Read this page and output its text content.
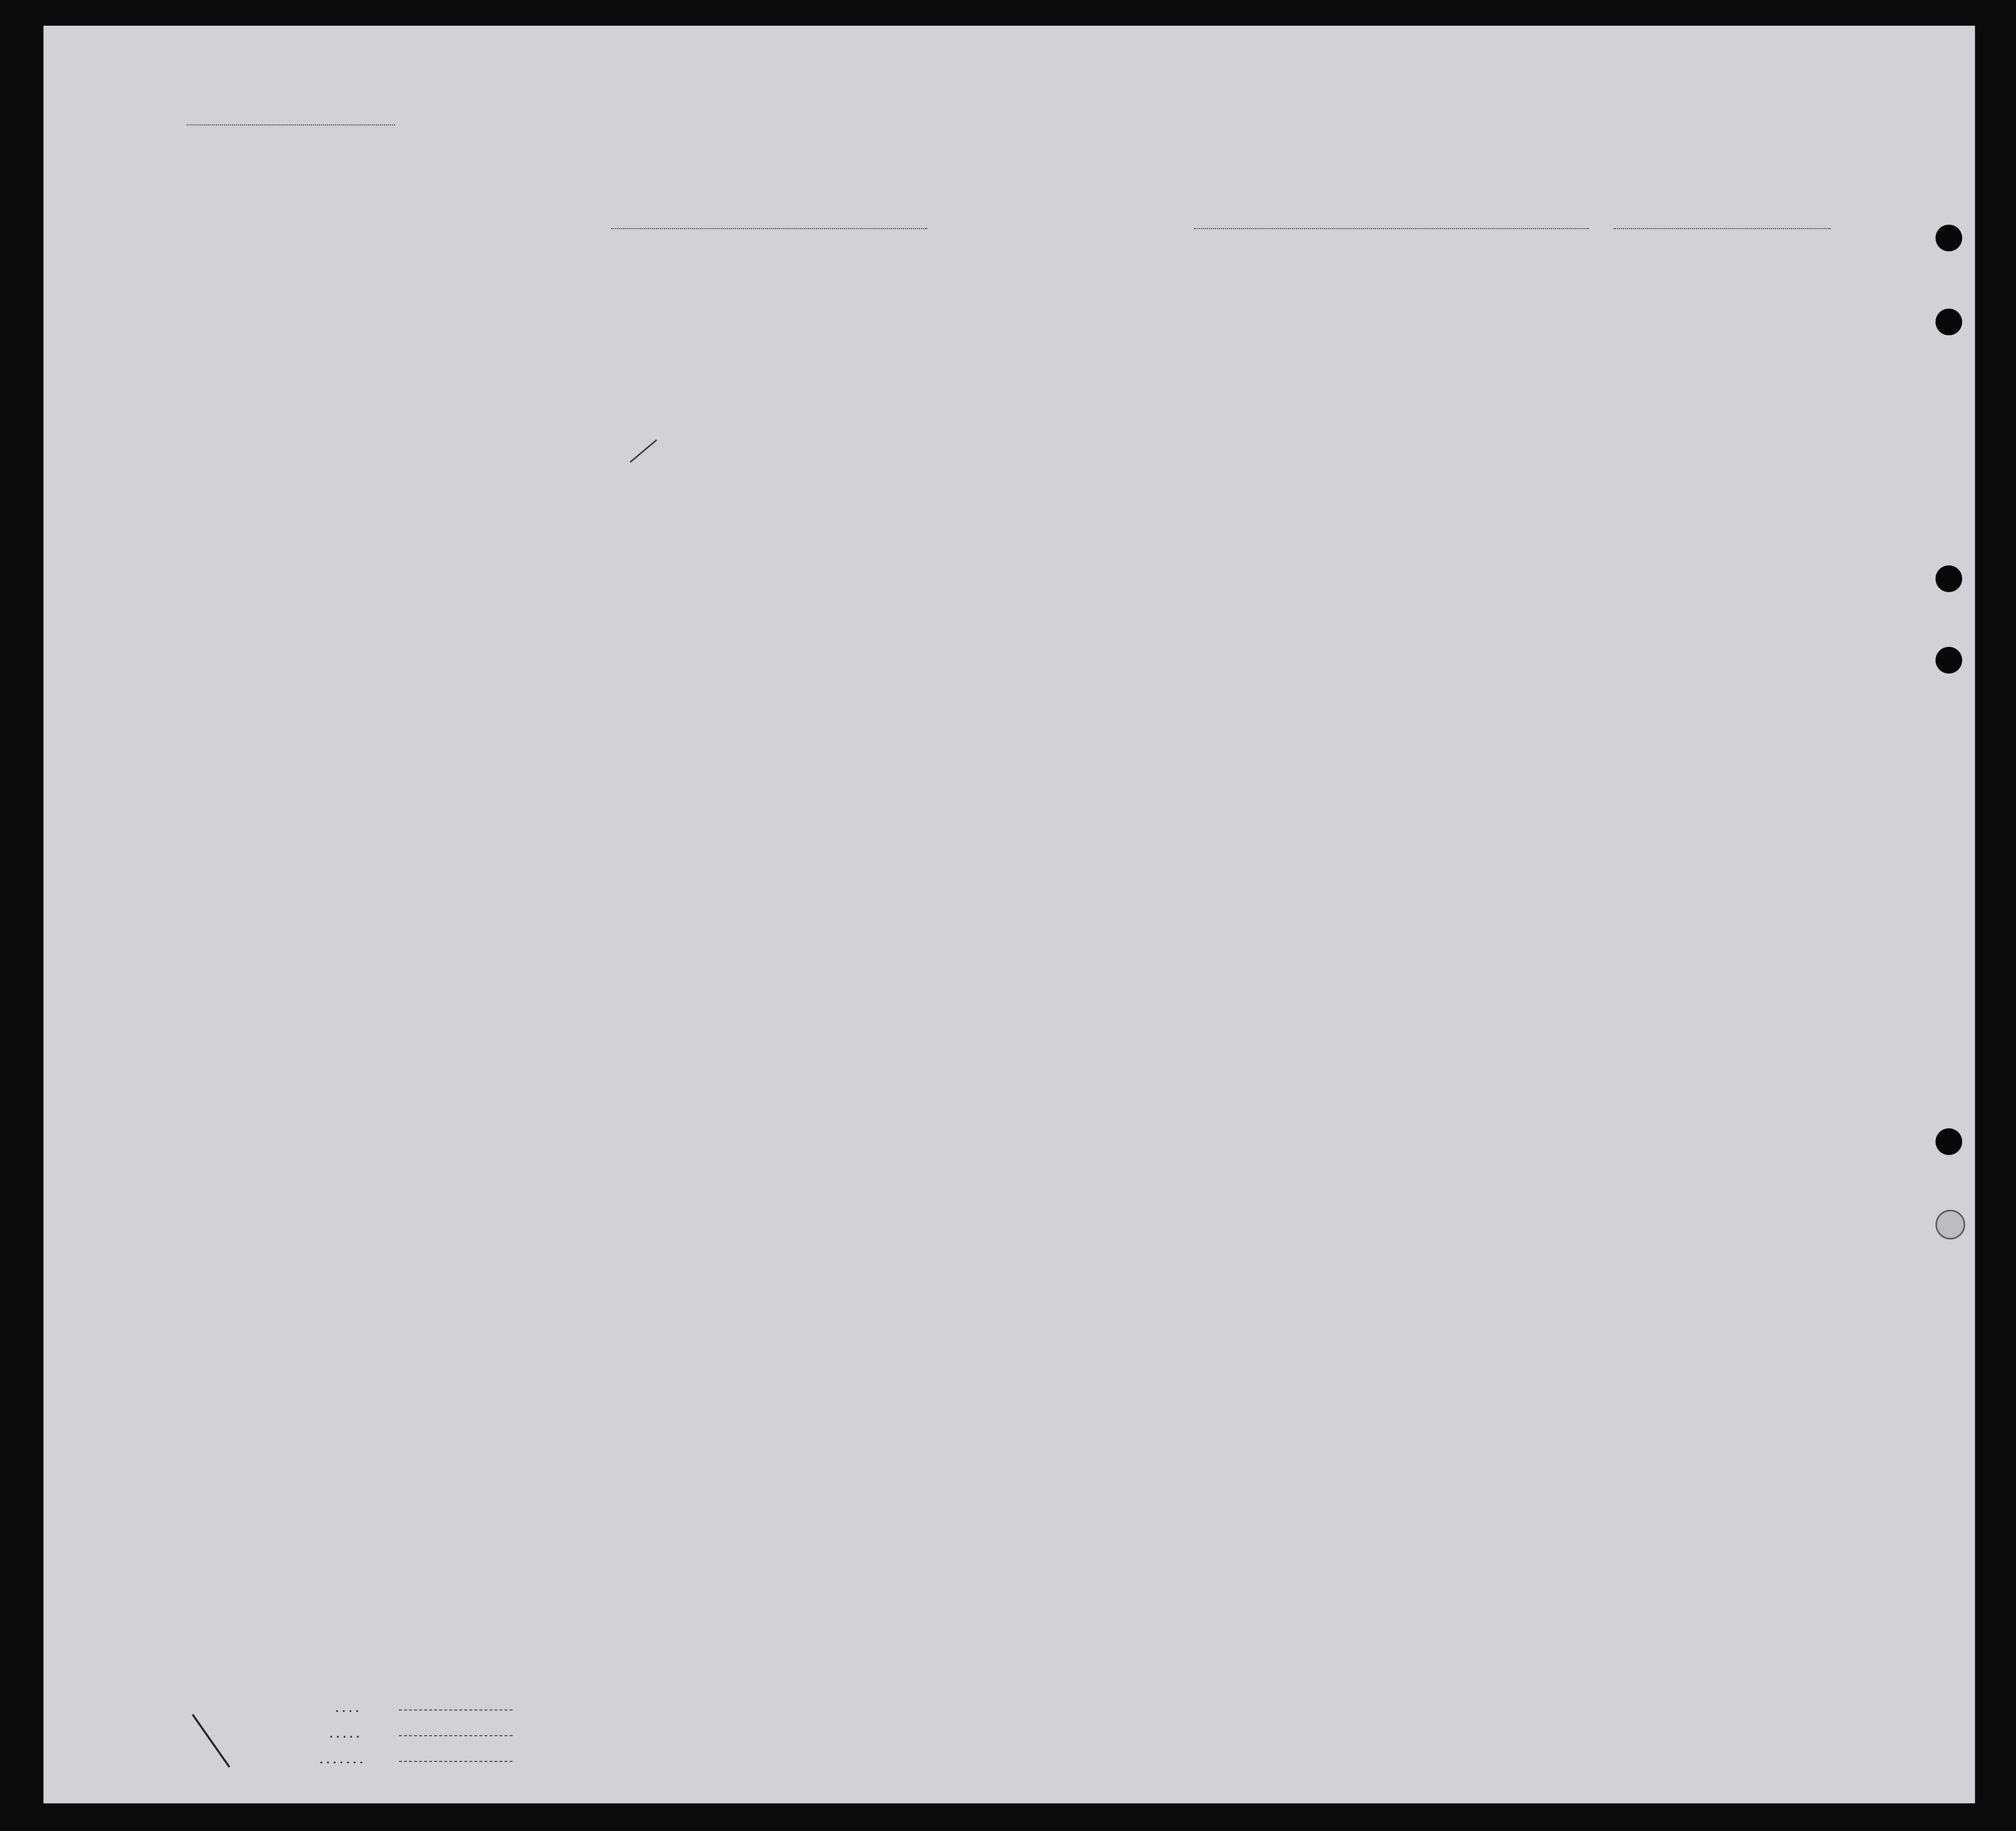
....
.....
.......
